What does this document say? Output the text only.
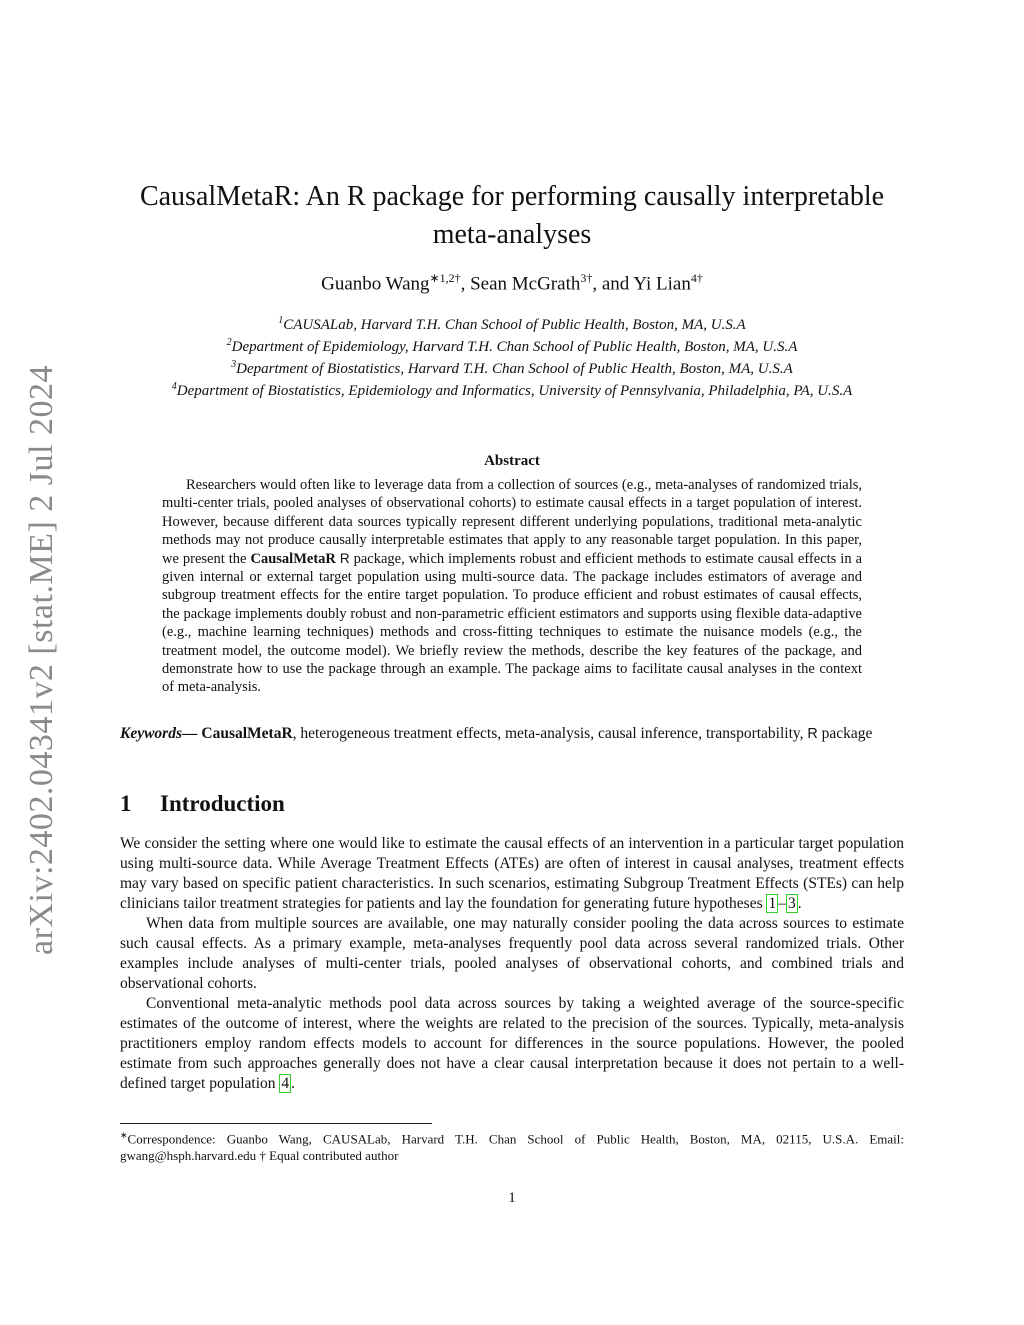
arXiv:2402.04341v2 [stat.ME] 2 Jul 2024
CausalMetaR: An R package for performing causally interpretable meta-analyses
Guanbo Wang$^{∗1,2\dagger}$, Sean McGrath$^{3\dagger}$, and Yi Lian$^{4\dagger}$
$^1$CAUSALab, Harvard T.H. Chan School of Public Health, Boston, MA, U.S.A
$^2$Department of Epidemiology, Harvard T.H. Chan School of Public Health, Boston, MA, U.S.A
$^3$Department of Biostatistics, Harvard T.H. Chan School of Public Health, Boston, MA, U.S.A
$^4$Department of Biostatistics, Epidemiology and Informatics, University of Pennsylvania, Philadelphia, PA, U.S.A
Abstract

Researchers would often like to leverage data from a collection of sources (e.g., meta-analyses of randomized trials, multi-center trials, pooled analyses of observational cohorts) to estimate causal effects in a target population of interest. However, because different data sources typically represent different underlying populations, traditional meta-analytic methods may not produce causally interpretable estimates that apply to any reasonable target population. In this paper, we present the CausalMetaR R package, which implements robust and efficient methods to estimate causal effects in a given internal or external target population using multi-source data. The package includes estimators of average and subgroup treatment effects for the entire target population. To produce efficient and robust estimates of causal effects, the package implements doubly robust and non-parametric efficient estimators and supports using flexible data-adaptive (e.g., machine learning techniques) methods and cross-fitting techniques to estimate the nuisance models (e.g., the treatment model, the outcome model). We briefly review the methods, describe the key features of the package, and demonstrate how to use the package through an example. The package aims to facilitate causal analyses in the context of meta-analysis.

Keywords— CausalMetaR, heterogeneous treatment effects, meta-analysis, causal inference, transportability, R package

1 Introduction

We consider the setting where one would like to estimate the causal effects of an intervention in a particular target population using multi-source data. While Average Treatment Effects (ATEs) are often of interest in causal analyses, treatment effects may vary based on specific patient characteristics. In such scenarios, estimating Subgroup Treatment Effects (STEs) can help clinicians tailor treatment strategies for patients and lay the foundation for generating future hypotheses 1 – 3 .

When data from multiple sources are available, one may naturally consider pooling the data across sources to estimate such causal effects. As a primary example, meta-analyses frequently pool data across several randomized trials. Other examples include analyses of multi-center trials, pooled analyses of observational cohorts, and combined trials and observational cohorts.

Conventional meta-analytic methods pool data across sources by taking a weighted average of the source-specific estimates of the outcome of interest, where the weights are related to the precision of the sources. Typically, meta-analysis practitioners employ random effects models to account for differences in the source populations. However, the pooled estimate from such approaches generally does not have a clear causal interpretation because it does not pertain to a well-defined target population 4 .

∗Correspondence: Guanbo Wang, CAUSALab, Harvard T.H. Chan School of Public Health, Boston, MA, 02115, U.S.A. Email: gwang@hsph.harvard.edu † Equal contributed author

1
